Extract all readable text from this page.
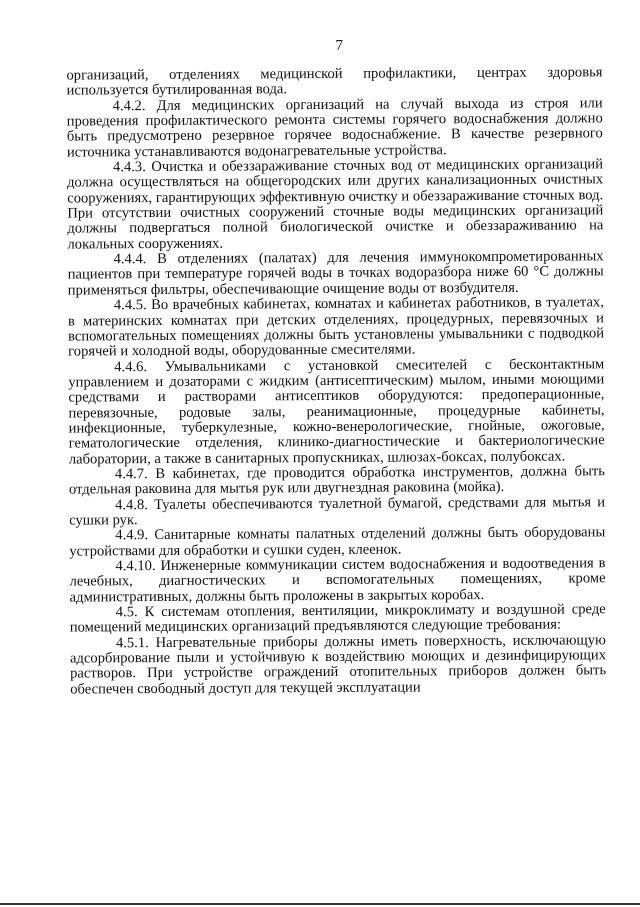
7

организаций, отделениях медицинской профилактики, центрах здоровья используется бутилированная вода.

4.4.2. Для медицинских организаций на случай выхода из строя или проведения профилактического ремонта системы горячего водоснабжения должно быть предусмотрено резервное горячее водоснабжение. В качестве резервного источника устанавливаются водонагревательные устройства.

4.4.3. Очистка и обеззараживание сточных вод от медицинских организаций должна осуществляться на общегородских или других канализационных очистных сооружениях, гарантирующих эффективную очистку и обеззараживание сточных вод. При отсутствии очистных сооружений сточные воды медицинских организаций должны подвергаться полной биологической очистке и обеззараживанию на локальных сооружениях.

4.4.4. В отделениях (палатах) для лечения иммунокомпрометированных пациентов при температуре горячей воды в точках водоразбора ниже 60 °С должны применяться фильтры, обеспечивающие очищение воды от возбудителя.

4.4.5. Во врачебных кабинетах, комнатах и кабинетах работников, в туалетах, в материнских комнатах при детских отделениях, процедурных, перевязочных и вспомогательных помещениях должны быть установлены умывальники с подводкой горячей и холодной воды, оборудованные смесителями.

4.4.6. Умывальниками с установкой смесителей с бесконтактным управлением и дозаторами с жидким (антисептическим) мылом, иными моющими средствами и растворами антисептиков оборудуются: предоперационные, перевязочные, родовые залы, реанимационные, процедурные кабинеты, инфекционные, туберкулезные, кожно-венерологические, гнойные, ожоговые, гематологические отделения, клинико-диагностические и бактериологические лаборатории, а также в санитарных пропускниках, шлюзах-боксах, полубоксах.

4.4.7. В кабинетах, где проводится обработка инструментов, должна быть отдельная раковина для мытья рук или двугнездная раковина (мойка).

4.4.8. Туалеты обеспечиваются туалетной бумагой, средствами для мытья и сушки рук.

4.4.9. Санитарные комнаты палатных отделений должны быть оборудованы устройствами для обработки и сушки суден, клеенок.

4.4.10. Инженерные коммуникации систем водоснабжения и водоотведения в лечебных, диагностических и вспомогательных помещениях, кроме административных, должны быть проложены в закрытых коробах.

4.5. К системам отопления, вентиляции, микроклимату и воздушной среде помещений медицинских организаций предъявляются следующие требования:

4.5.1. Нагревательные приборы должны иметь поверхность, исключающую адсорбирование пыли и устойчивую к воздействию моющих и дезинфицирующих растворов. При устройстве ограждений отопительных приборов должен быть обеспечен свободный доступ для текущей эксплуатации
